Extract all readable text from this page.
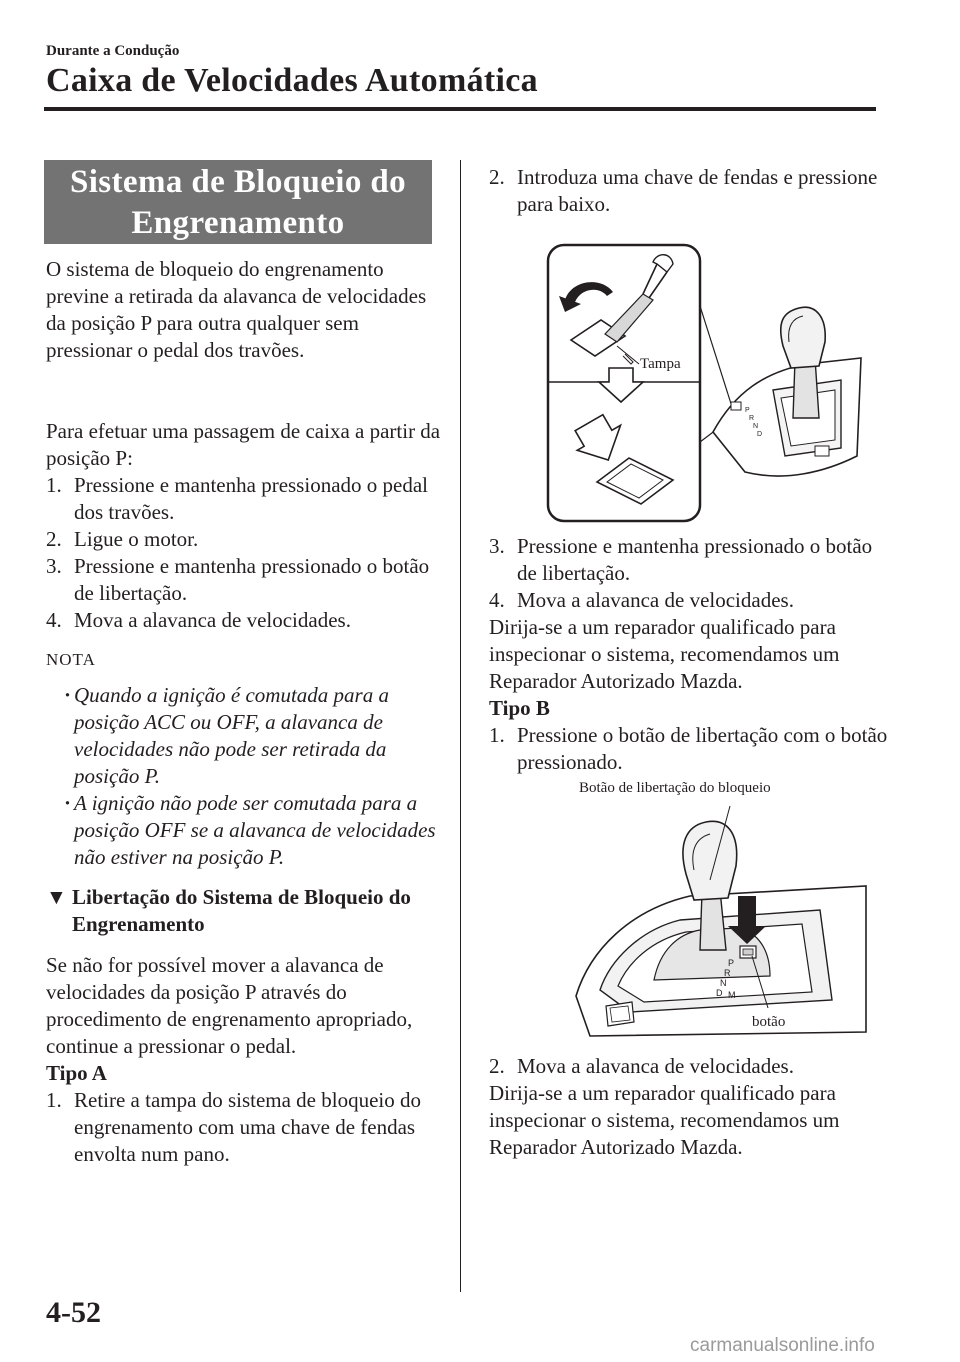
Durante a Condução
Caixa de Velocidades Automática
Sistema de Bloqueio do
Engrenamento
O sistema de bloqueio do engrenamento previne a retirada da alavanca de velocidades da posição P para outra qualquer sem pressionar o pedal dos travões.
Para efetuar uma passagem de caixa a partir da posição P:
1. Pressione e mantenha pressionado o pedal dos travões.
2. Ligue o motor.
3. Pressione e mantenha pressionado o botão de libertação.
4. Mova a alavanca de velocidades.
NOTA
· Quando a ignição é comutada para a posição ACC ou OFF, a alavanca de velocidades não pode ser retirada da posição P.
· A ignição não pode ser comutada para a posição OFF se a alavanca de velocidades não estiver na posição P.
▼ Libertação do Sistema de Bloqueio do Engrenamento
Se não for possível mover a alavanca de velocidades da posição P através do procedimento de engrenamento apropriado, continue a pressionar o pedal.
Tipo A
1. Retire a tampa do sistema de bloqueio do engrenamento com uma chave de fendas envolta num pano.
2. Introduza uma chave de fendas e pressione para baixo.
P
R
N
D
Tampa
3. Pressione e mantenha pressionado o botão de libertação.
4. Mova a alavanca de velocidades.
Dirija-se a um reparador qualificado para inspecionar o sistema, recomendamos um Reparador Autorizado Mazda.
Tipo B
1. Pressione o botão de libertação com o botão pressionado.
Botão de libertação do bloqueio
P
R
N
D M
botão
2. Mova a alavanca de velocidades.
Dirija-se a um reparador qualificado para inspecionar o sistema, recomendamos um Reparador Autorizado Mazda.
4-52
carmanualsonline.info
